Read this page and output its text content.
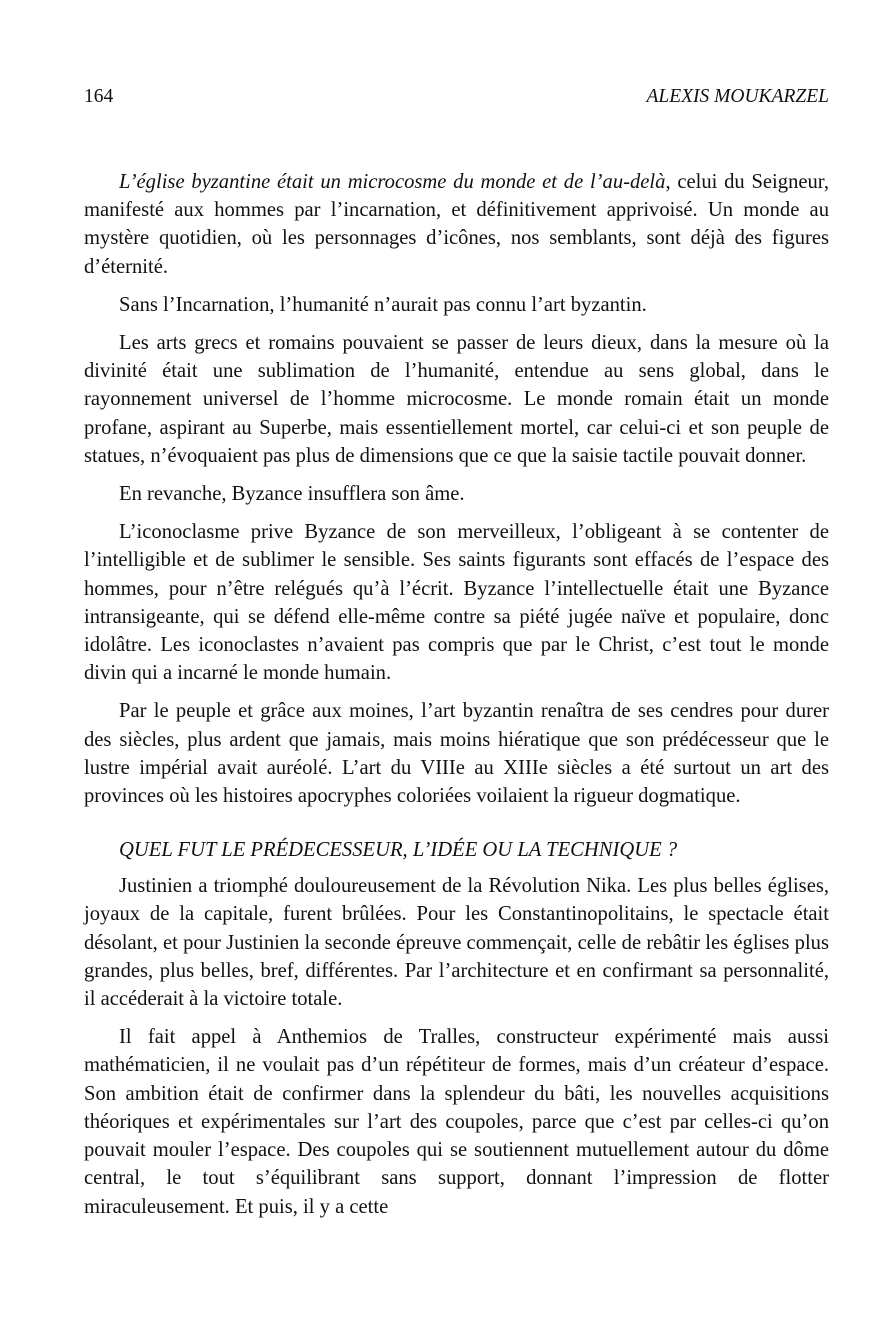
164	ALEXIS MOUKARZEL

L’église byzantine était un microcosme du monde et de l’au-delà, celui du Seigneur, manifesté aux hommes par l’incarnation, et définitivement apprivoisé. Un monde au mystère quotidien, où les personnages d’icônes, nos semblants, sont déjà des figures d’éternité.

Sans l’Incarnation, l’humanité n’aurait pas connu l’art byzantin.

Les arts grecs et romains pouvaient se passer de leurs dieux, dans la mesure où la divinité était une sublimation de l’humanité, entendue au sens global, dans le rayonnement universel de l’homme microcosme. Le monde romain était un monde profane, aspirant au Superbe, mais essentiellement mortel, car celui-ci et son peuple de statues, n’évoquaient pas plus de dimensions que ce que la saisie tactile pouvait donner.

En revanche, Byzance insufflera son âme.

L’iconoclasme prive Byzance de son merveilleux, l’obligeant à se contenter de l’intelligible et de sublimer le sensible. Ses saints figurants sont effacés de l’espace des hommes, pour n’être relégués qu’à l’écrit. Byzance l’intellectuelle était une Byzance intransigeante, qui se défend elle-même contre sa piété jugée naïve et populaire, donc idolâtre. Les iconoclastes n’avaient pas compris que par le Christ, c’est tout le monde divin qui a incarné le monde humain.

Par le peuple et grâce aux moines, l’art byzantin renaîtra de ses cendres pour durer des siècles, plus ardent que jamais, mais moins hiératique que son prédécesseur que le lustre impérial avait auréolé. L’art du VIIIe au XIIIe siècles a été surtout un art des provinces où les histoires apocryphes coloriées voilaient la rigueur dogmatique.

QUEL FUT LE PRÉDECESSEUR, L’IDÉE OU LA TECHNIQUE ?

Justinien a triomphé douloureusement de la Révolution Nika. Les plus belles églises, joyaux de la capitale, furent brûlées. Pour les Constantinopolitains, le spectacle était désolant, et pour Justinien la seconde épreuve commençait, celle de rebâtir les églises plus grandes, plus belles, bref, différentes. Par l’architecture et en confirmant sa personnalité, il accéderait à la victoire totale.

Il fait appel à Anthemios de Tralles, constructeur expérimenté mais aussi mathématicien, il ne voulait pas d’un répétiteur de formes, mais d’un créateur d’espace. Son ambition était de confirmer dans la splendeur du bâti, les nouvelles acquisitions théoriques et expérimentales sur l’art des coupoles, parce que c’est par celles-ci qu’on pouvait mouler l’espace. Des coupoles qui se soutiennent mutuellement autour du dôme central, le tout s’équilibrant sans support, donnant l’impression de flotter miraculeusement. Et puis, il y a cette
